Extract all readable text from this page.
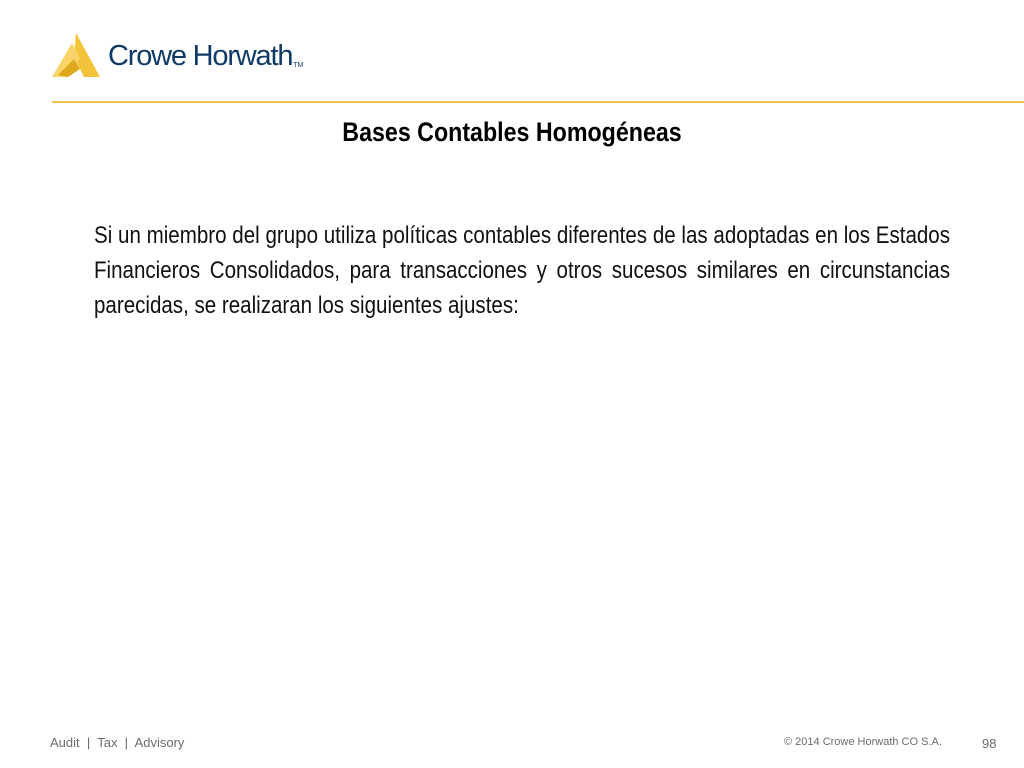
Crowe Horwath TM
Bases Contables Homogéneas
Si un miembro del grupo utiliza políticas contables diferentes de las adoptadas en los Estados Financieros Consolidados, para transacciones y otros sucesos similares en circunstancias parecidas, se realizaran los siguientes ajustes:
Audit  |  Tax  |  Advisory	© 2014 Crowe Horwath CO S.A.	98
